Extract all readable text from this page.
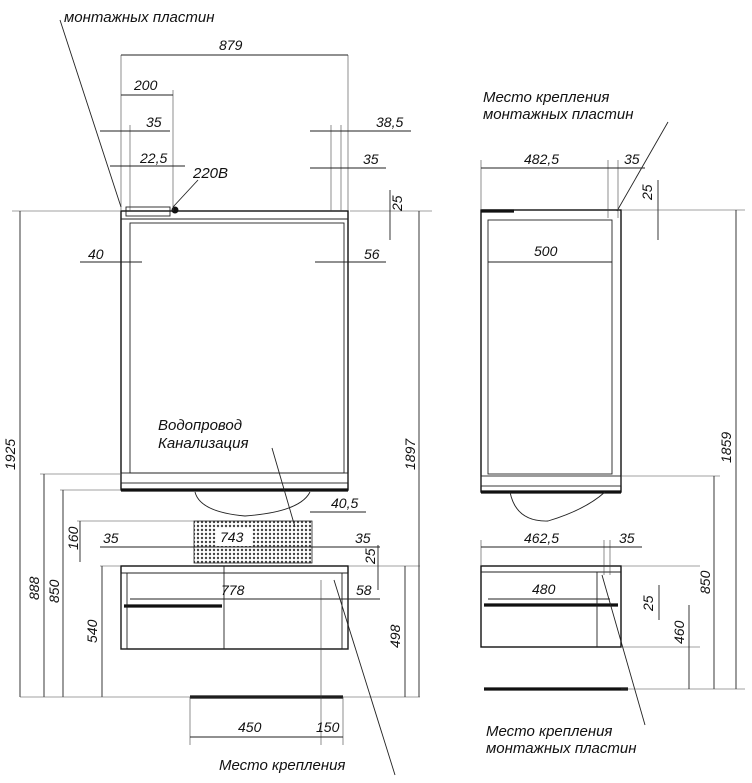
монтажных пластин
Место крепления
монтажных пластин
Водопровод
Канализация
220В
Место крепления
монтажных пластин
Место крепления
879
200
35
22,5
38,5
35
25
40	56
1925	1897
40,5
160 35	743	35
25
778	58
888 850
540	498
450	150
482,5	35
25
500
1859
462,5	35
480
25
850
460
